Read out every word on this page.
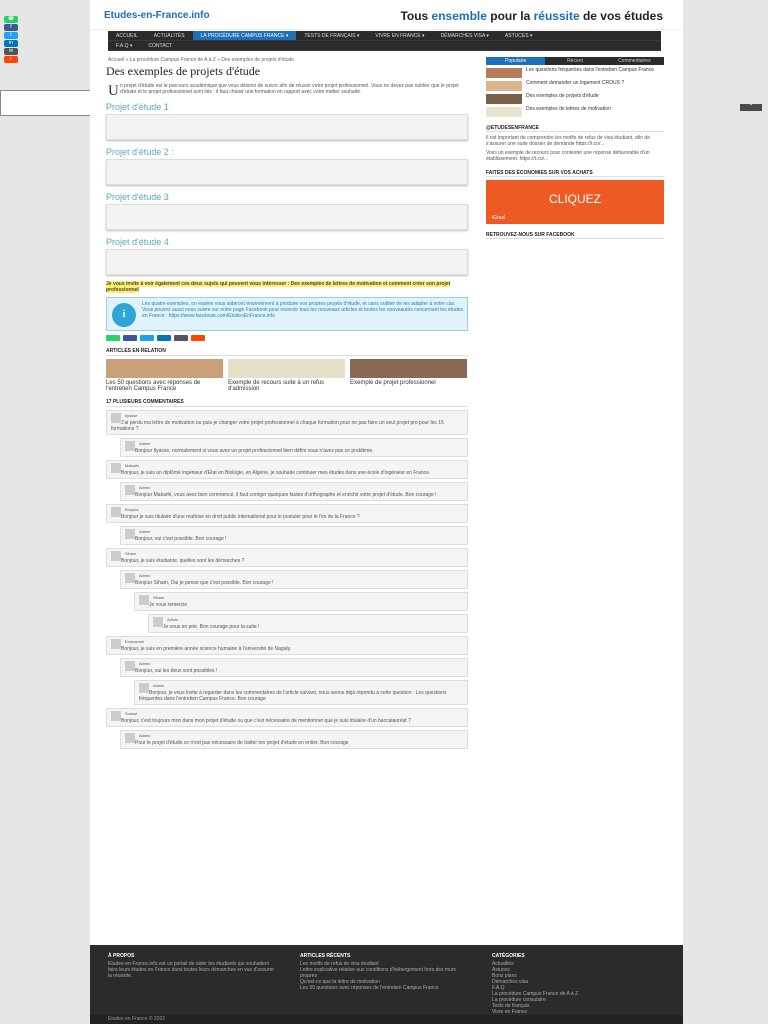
☎
f
t
in
✉
r
⌃
Etudes-en-France.info	Tous ensemble pour la réussite de vos études
ACCUEIL	ACTUALITÉS	LA PROCÉDURE CAMPUS FRANCE ▾	TESTS DE FRANÇAIS ▾	VIVRE EN FRANCE ▾	DÉMARCHES VISA ▾	ASTUCES ▾
F.A.Q ▾	CONTACT
Accueil » La procédure Campus France de A à Z » Des exemples de projets d'étude
Des exemples de projets d'étude
U n projet d'étude est le parcours académique que vous désirez de suivre afin de réussir votre projet professionnel. Vous ne devez pas oublier que le projet d'étude et le projet professionnel sont liés : il faut choisir une formation en rapport avec votre métier souhaité.
Projet d'étude 1
Projet d'étude 2 :
Projet d'étude 3
Projet d'étude 4
Je vous invite à voir également ces deux sujets qui peuvent vous intéresser : Des exemples de lettres de motivation et comment créer son projet professionnel
i
Les quatre exemples, on espère vous aideront énormément à produire vos propres projets d'étude, et sans oublier de les adapter à votre cas. Vous pouvez aussi nous suivre sur notre page Facebook pour recevoir tous les nouveaux articles et toutes les nouveautés concernant les études en France : https://www.facebook.com/EtudesEnFrance.info
ARTICLES EN RELATION
Les 50 questions avec réponses de l'entretien Campus France
Exemple de recours suite à un refus d'admission
Exemple de projet professionnel
17 PLUSIEURS COMMENTAIRES
Ilyasse
J'ai perdu ma lettre de motivation ou puis-je changer votre projet professionnel à chaque formation pour ne pas faire un seul projet pro pour les 15 formations ?
Admin
Bonjour Ilyasse, normalement si vous avez un projet professionnel bien défini vous n'avez pas ce problème.
Makarhi
Bonjour, je suis un diplômé ingénieur d'État en Biologie, en Algérie, je souhaite continuer mes études dans une école d'ingénieur en France.
Admin
Bonjour Makarhi, vous avez bien commencé, il faut corriger quelques fautes d'orthographe et enrichir votre projet d'étude. Bon courage !
Bonjour
Bonjour je suis titulaire d'une maîtrise en droit public international pour le postuler pour le l'ex de la France ?
Admin
Bonjour, oui c'est possible. Bon courage !
Siham
Bonjour, je suis étudiante, quelles sont les démarches ?
Admin
Bonjour Siham, Oui je pense que c'est possible. Bon courage !
Siham
Je vous remercie
Admin
Je vous en prie. Bon courage pour la suite !
Emmanuel
Bonjour, je suis en première année science humaine à l'université de Nagaly.
Admin
Bonjour, oui les deux sont possibles !
Admin
Bonjour, je vous invite à regarder dans les commentaires de l'article suivant, nous avons déjà répondu à cette question : Les questions fréquentes dans l'entretien Campus France. Bon courage
Soussi
Bonjour, c'est toujours mon dans mon projet d'étude ou que c'est nécessaire de mentionner que je suis titulaire d'un baccalauréat ?
Admin
Pour le projet d'étude ce n'est pas nécessaire de traiter ton projet d'étude en entier. Bon courage
Populaire	Récent	Commentaires
Les questions fréquentes dans l'entretien Campus France
Comment demander un logement CROUS ?
Des exemples de projets d'étude
Des exemples de lettres de motivation
@ETUDESENFRANCE
Il est important de comprendre les motifs de refus de visa étudiant, afin de s'assurer une suite dossier de demande https://t.co/...
Voici un exemple de recours pour contester une réponse défavorable d'un établissement. https://t.co/...
FAITES DES ÉCONOMIES SUR VOS ACHATS
CLIQUEZ
iGraal
RETROUVEZ-NOUS SUR FACEBOOK
À PROPOS
Etudes-en-France.info est un portail de aider les étudiants qui souhaitent faire leurs études en France dans toutes leurs démarches en vue d'assurer la réussite.
ARTICLES RÉCENTS
Les motifs de refus de visa étudiant
Lettre explicative relative aux conditions d'hébergement hors des murs propres
Qu'est-ce que la lettre de motivation
Les 50 questions avec réponses de l'entretien Campus France
CATÉGORIES
Actualités
Astuces
Bons plans
Démarches visa
F.A.Q
La procédure Campus France de A à Z
La procédure consulaire
Tests de français
Vivre en France
Etudes en France © 2022
